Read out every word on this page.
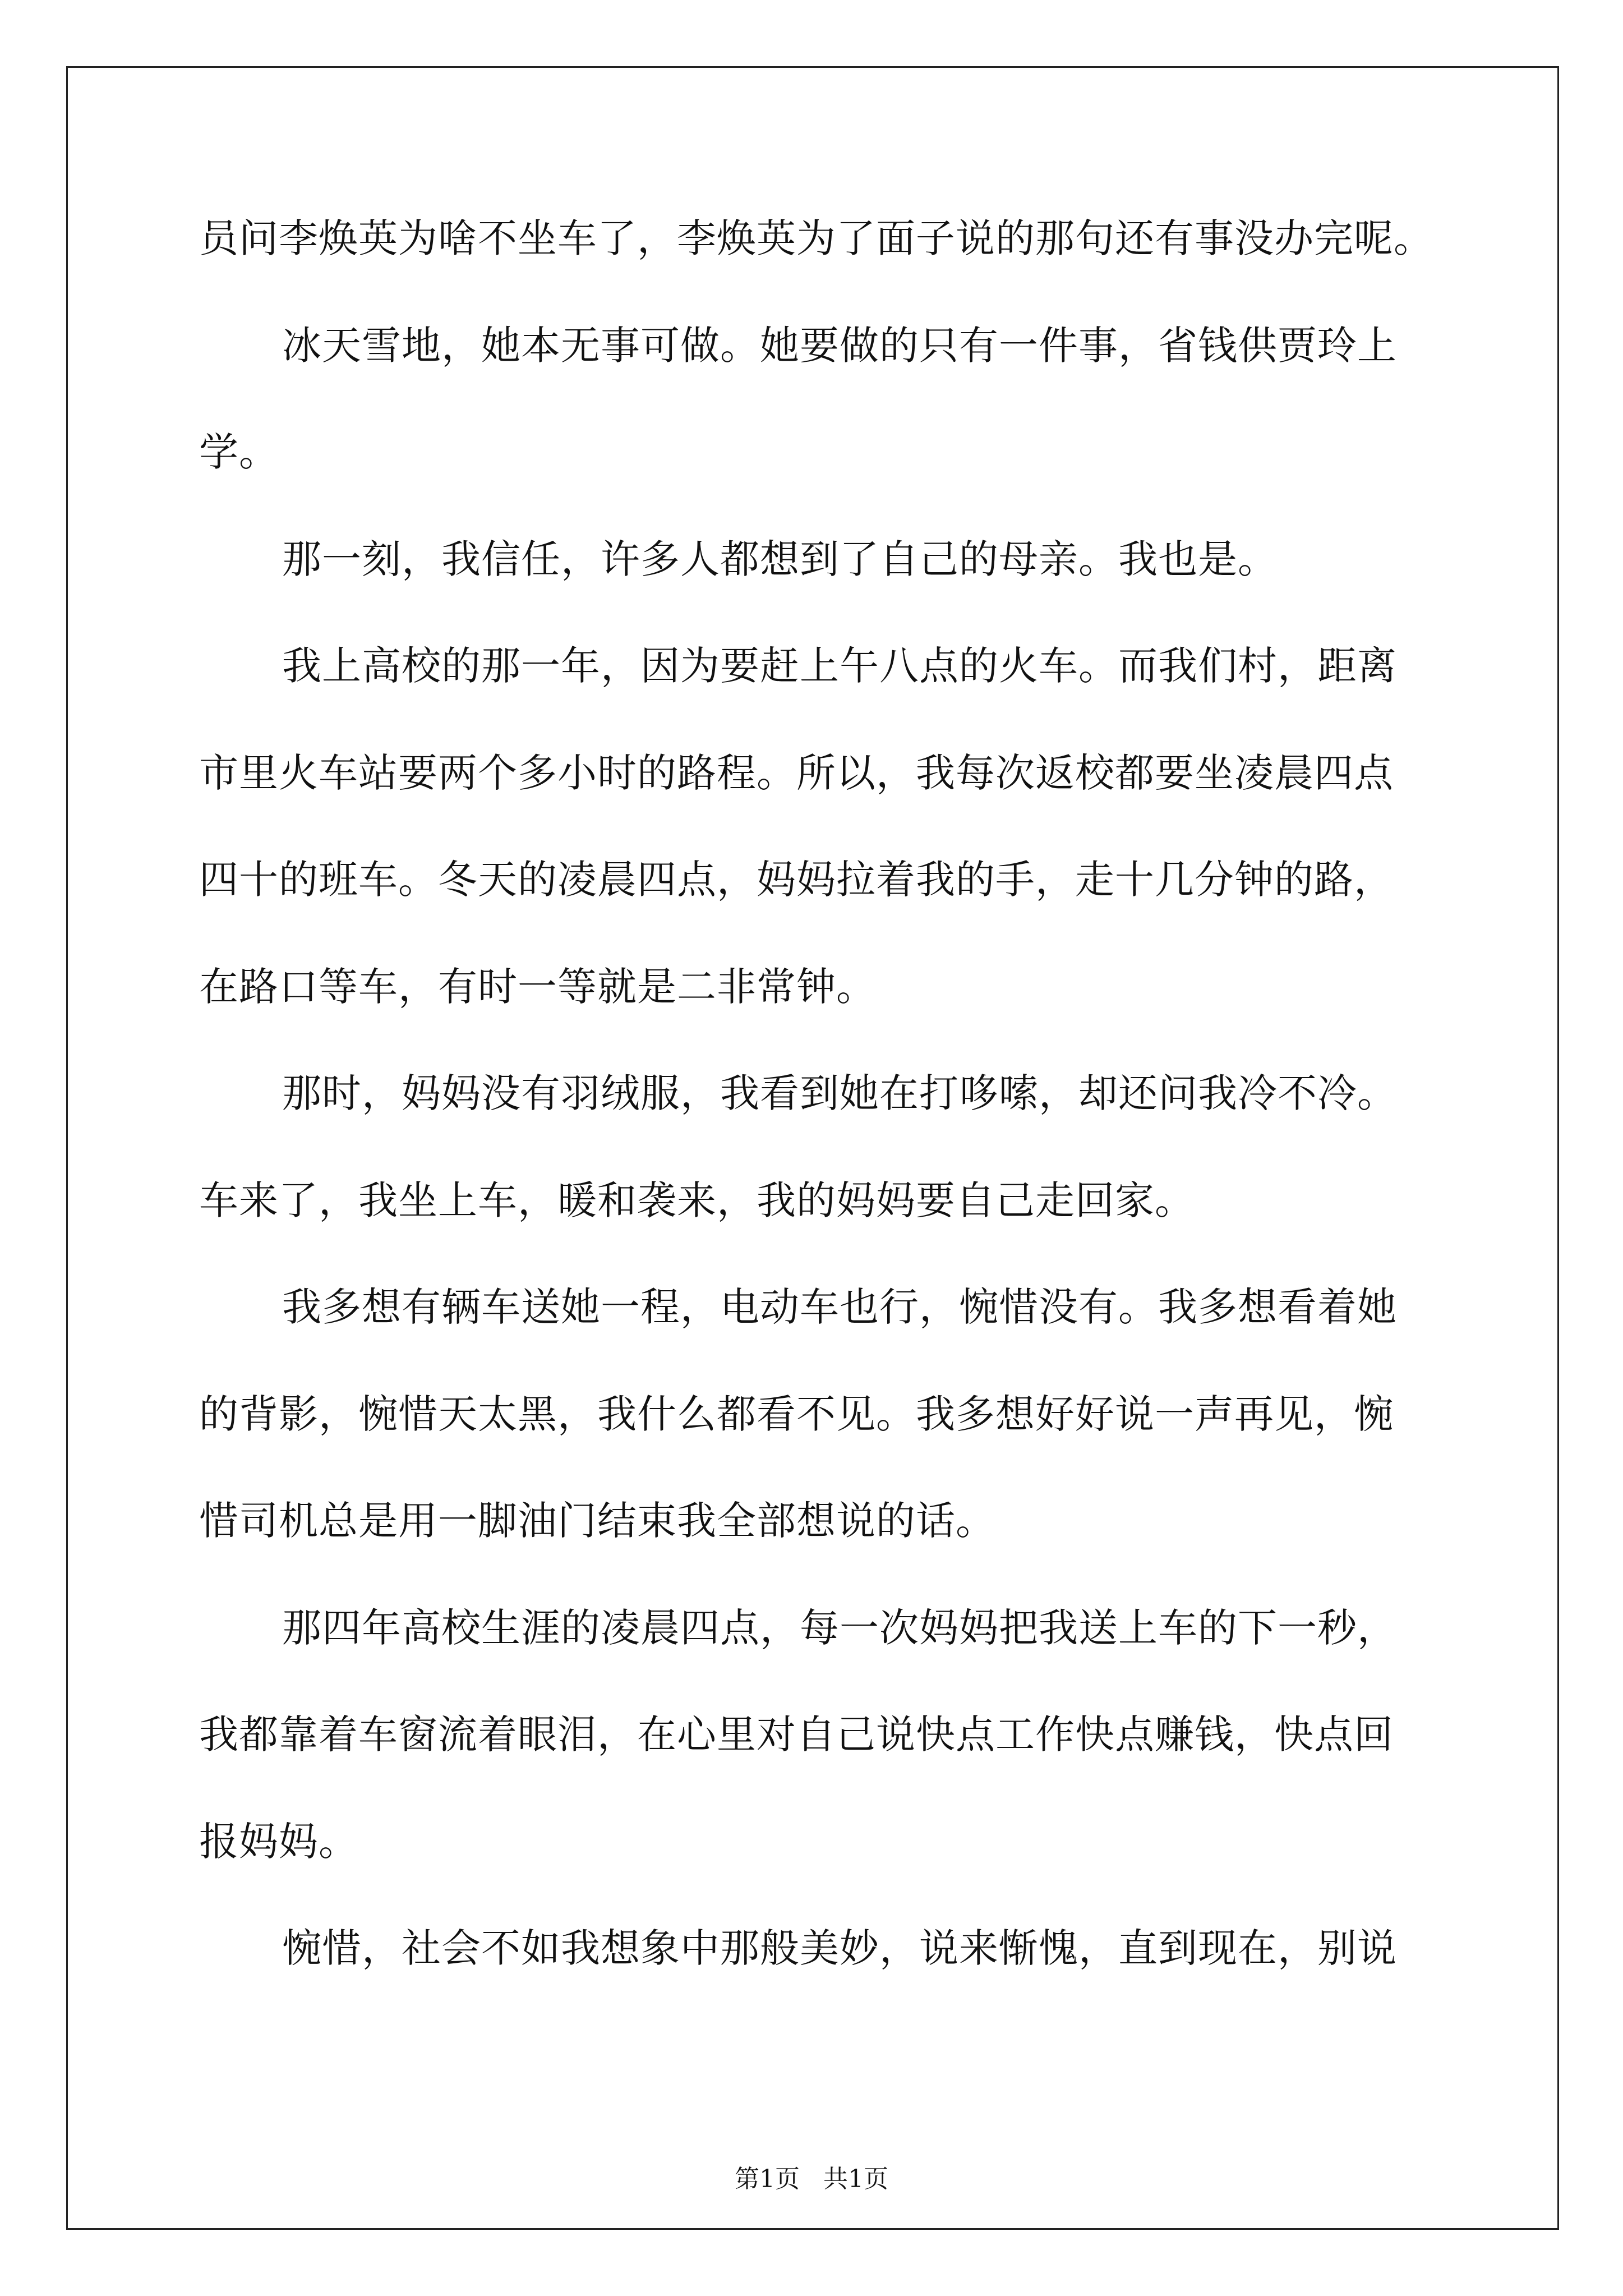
员问李焕英为啥不坐车了，李焕英为了面子说的那句还有事没办完呢。
冰天雪地，她本无事可做。她要做的只有一件事，省钱供贾玲上
学。
那一刻，我信任，许多人都想到了自己的母亲。我也是。
我上高校的那一年，因为要赶上午八点的火车。而我们村，距离
市里火车站要两个多小时的路程。所以，我每次返校都要坐凌晨四点
四十的班车。冬天的凌晨四点，妈妈拉着我的手，走十几分钟的路，
在路口等车，有时一等就是二非常钟。
那时，妈妈没有羽绒服，我看到她在打哆嗦，却还问我冷不冷。
车来了，我坐上车，暖和袭来，我的妈妈要自己走回家。
我多想有辆车送她一程，电动车也行，惋惜没有。我多想看着她
的背影，惋惜天太黑，我什么都看不见。我多想好好说一声再见，惋
惜司机总是用一脚油门结束我全部想说的话。
那四年高校生涯的凌晨四点，每一次妈妈把我送上车的下一秒，
我都靠着车窗流着眼泪，在心里对自己说快点工作快点赚钱，快点回
报妈妈。
惋惜，社会不如我想象中那般美妙，说来惭愧，直到现在，别说
第1页   共1页
